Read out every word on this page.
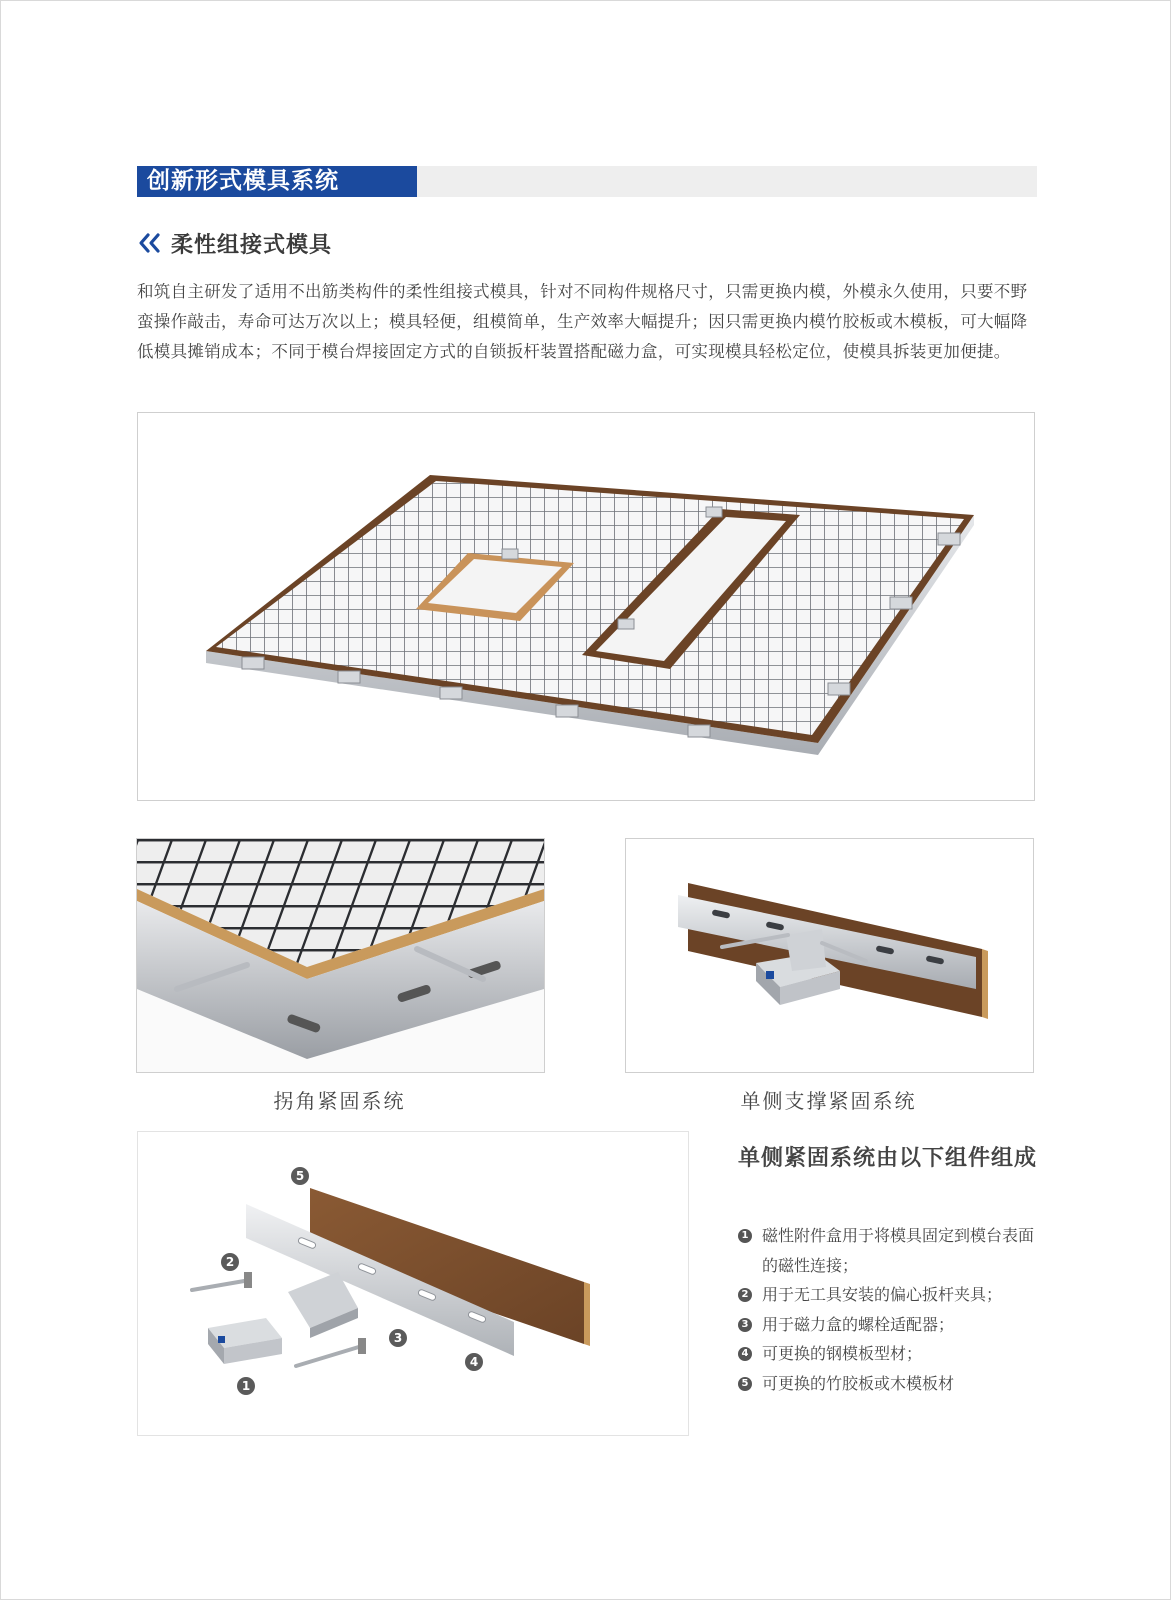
创新形式模具系统
柔性组接式模具

和筑自主研发了适用不出筋类构件的柔性组接式模具，针对不同构件规格尺寸，只需更换内模，外模永久使用，只要不野蛮操作敲击，寿命可达万次以上；模具轻便，组模简单，生产效率大幅提升；因只需更换内模竹胶板或木模板，可大幅降低模具摊销成本；不同于模台焊接固定方式的自锁扳杆装置搭配磁力盒，可实现模具轻松定位，使模具拆装更加便捷。

拐角紧固系统	单侧支撑紧固系统
1
2
3
4
5
单侧紧固系统由以下组件组成
1 磁性附件盒用于将模具固定到模台表面的磁性连接；
2 用于无工具安装的偏心扳杆夹具；
3 用于磁力盒的螺栓适配器；
4 可更换的钢模板型材；
5 可更换的竹胶板或木模板材
